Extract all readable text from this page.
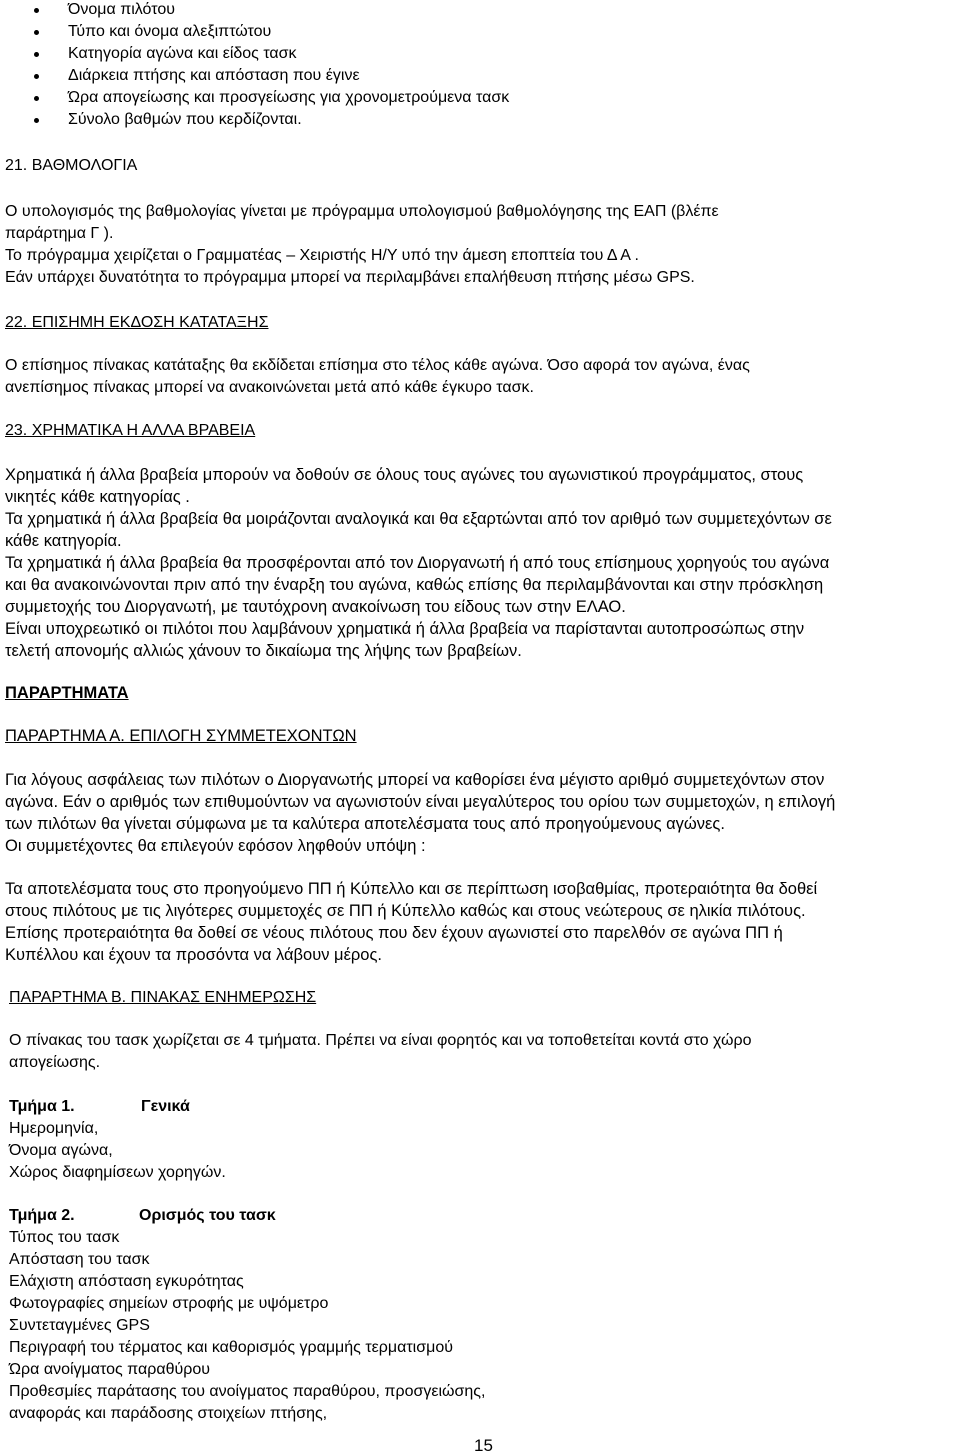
Όνομα πιλότου
Τύπο και όνομα αλεξιπτώτου
Κατηγορία αγώνα και είδος τασκ
Διάρκεια πτήσης και απόσταση που έγινε
Ώρα απογείωσης και προσγείωσης για χρονομετρούμενα τασκ
Σύνολο βαθμών που κερδίζονται.
21. ΒΑΘΜΟΛΟΓΙΑ
Ο υπολογισμός της βαθμολογίας γίνεται με πρόγραμμα υπολογισμού βαθμολόγησης της ΕΑΠ (βλέπε
παράρτημα Γ ).
Το πρόγραμμα χειρίζεται ο Γραμματέας – Χειριστής Η/Υ υπό την άμεση εποπτεία του Δ Α .
Εάν υπάρχει δυνατότητα το πρόγραμμα μπορεί να περιλαμβάνει επαλήθευση πτήσης μέσω GPS.
22. ΕΠΙΣΗΜΗ ΕΚΔΟΣΗ ΚΑΤΑΤΑΞΗΣ
Ο επίσημος πίνακας κατάταξης θα εκδίδεται επίσημα στο τέλος κάθε αγώνα. Όσο αφορά τον αγώνα, ένας
ανεπίσημος πίνακας μπορεί να ανακοινώνεται μετά από κάθε έγκυρο τασκ.
23. ΧΡΗΜΑΤΙΚΑ Η ΑΛΛΑ ΒΡΑΒΕΙΑ
Χρηματικά ή άλλα βραβεία μπορούν να δοθούν σε όλους τους αγώνες του αγωνιστικού προγράμματος, στους
νικητές κάθε κατηγορίας .
Τα χρηματικά ή άλλα βραβεία θα μοιράζονται αναλογικά και θα εξαρτώνται από τον αριθμό των συμμετεχόντων σε
κάθε κατηγορία.
Τα χρηματικά ή άλλα βραβεία θα προσφέρονται από τον Διοργανωτή ή από τους επίσημους χορηγούς του αγώνα
και θα ανακοινώνονται πριν από την έναρξη του αγώνα, καθώς επίσης θα περιλαμβάνονται και στην πρόσκληση
συμμετοχής του Διοργανωτή, με ταυτόχρονη ανακοίνωση του είδους των στην ΕΛΑΟ.
Είναι υποχρεωτικό οι πιλότοι που λαμβάνουν χρηματικά ή άλλα βραβεία να παρίστανται αυτοπροσώπως στην
τελετή απονομής αλλιώς χάνουν το δικαίωμα της λήψης των βραβείων.
ΠΑΡΑΡΤΗΜΑΤΑ
ΠΑΡΑΡΤΗΜΑ Α. ΕΠΙΛΟΓΗ ΣΥΜΜΕΤΕΧΟΝΤΩΝ
Για λόγους ασφάλειας των πιλότων ο Διοργανωτής μπορεί να καθορίσει ένα μέγιστο αριθμό συμμετεχόντων στον
αγώνα. Εάν ο αριθμός των επιθυμούντων να αγωνιστούν είναι μεγαλύτερος του ορίου των συμμετοχών, η επιλογή
των πιλότων θα γίνεται σύμφωνα με τα καλύτερα αποτελέσματα τους από προηγούμενους αγώνες.
Οι συμμετέχοντες θα επιλεγούν εφόσον ληφθούν υπόψη :
Τα αποτελέσματα τους στο προηγούμενο ΠΠ ή Κύπελλο και σε περίπτωση ισοβαθμίας, προτεραιότητα θα δοθεί
στους πιλότους με τις λιγότερες συμμετοχές σε ΠΠ ή Κύπελλο καθώς και στους νεώτερους σε ηλικία πιλότους.
Επίσης προτεραιότητα θα δοθεί σε νέους πιλότους που δεν έχουν αγωνιστεί στο παρελθόν σε αγώνα ΠΠ ή
Κυπέλλου και έχουν τα προσόντα να λάβουν μέρος.
ΠΑΡΑΡΤΗΜΑ Β. ΠΙΝΑΚΑΣ ΕΝΗΜΕΡΩΣΗΣ
Ο πίνακας του τασκ χωρίζεται σε 4 τμήματα. Πρέπει να είναι φορητός και να τοποθετείται κοντά στο χώρο
απογείωσης.
Τμήμα 1.	Γενικά
Ημερομηνία,
Όνομα αγώνα,
Χώρος διαφημίσεων χορηγών.
Τμήμα 2.	Ορισμός του τασκ
Τύπος του τασκ
Απόσταση του τασκ
Ελάχιστη απόσταση εγκυρότητας
Φωτογραφίες σημείων στροφής με υψόμετρο
Συντεταγμένες GPS
Περιγραφή του τέρματος και καθορισμός γραμμής τερματισμού
Ώρα ανοίγματος παραθύρου
Προθεσμίες παράτασης του ανοίγματος παραθύρου, προσγειώσης,
αναφοράς και παράδοσης στοιχείων πτήσης,
15
